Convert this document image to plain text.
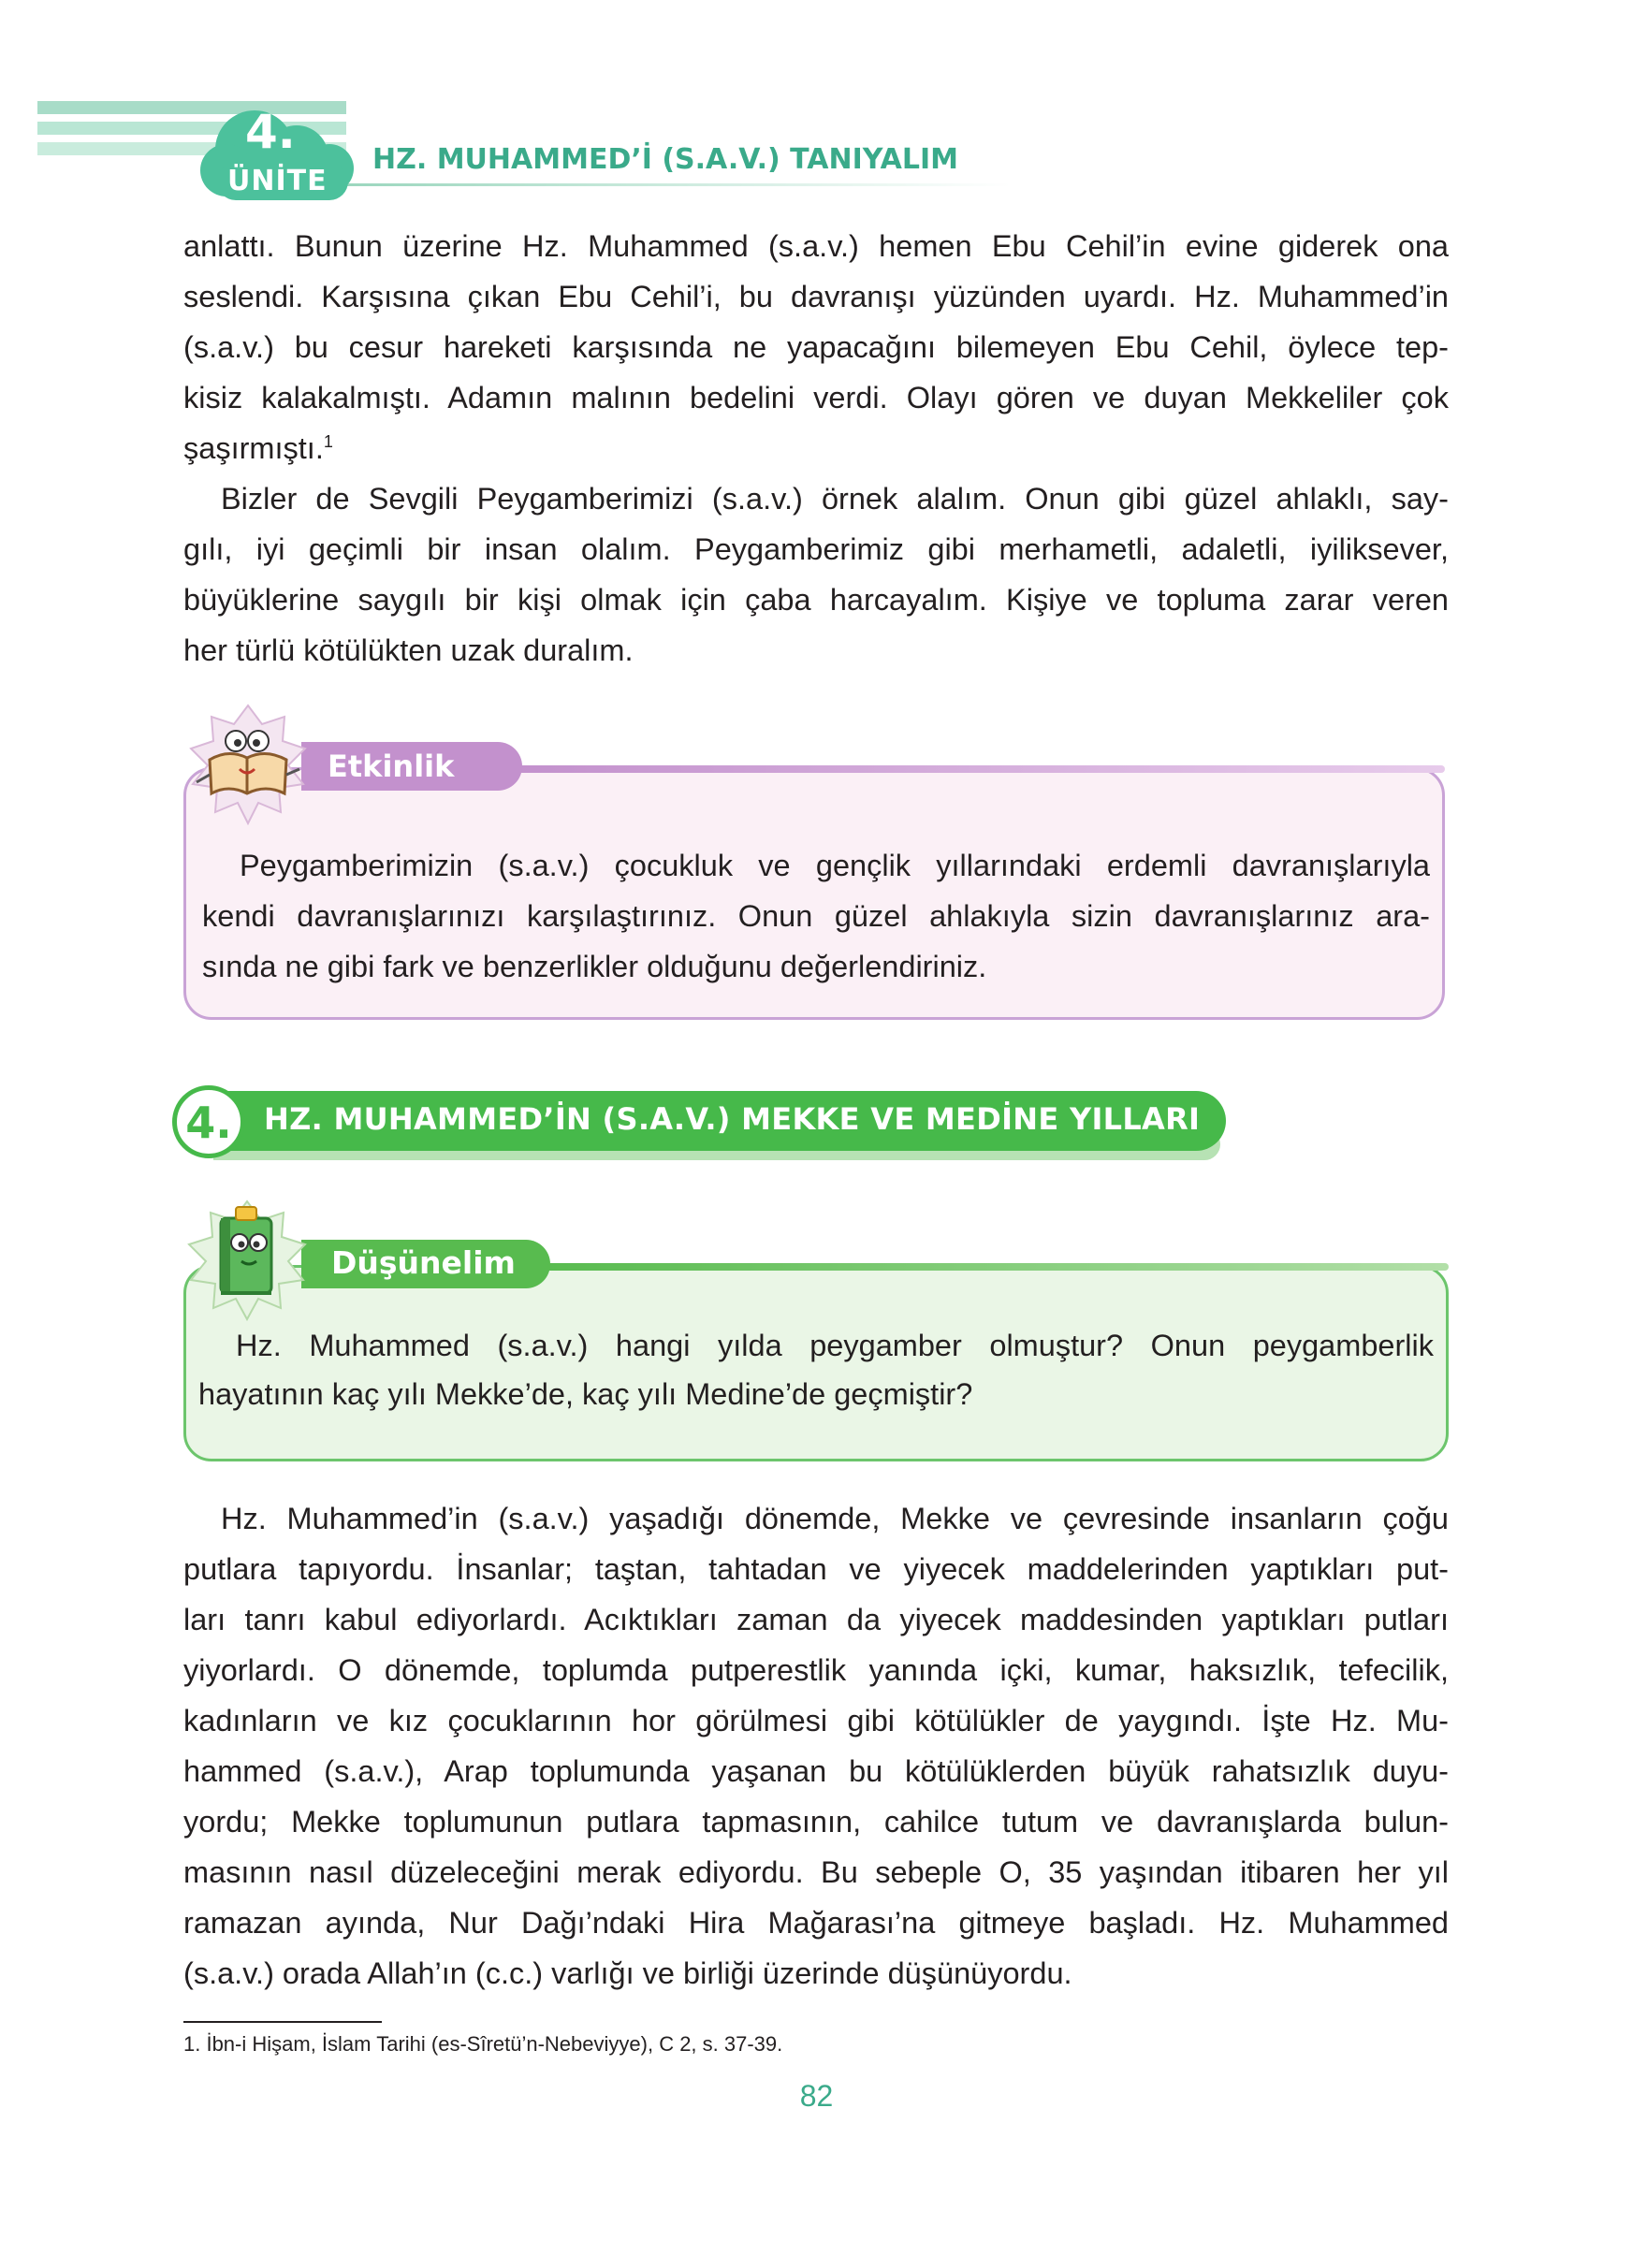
4.
ÜNİTE
HZ. MUHAMMED’İ (S.A.V.) TANIYALIM
anlattı. Bunun üzerine Hz. Muhammed (s.a.v.) hemen Ebu Cehil’in evine giderek ona
seslendi. Karşısına çıkan Ebu Cehil’i, bu davranışı yüzünden uyardı. Hz. Muhammed’in
(s.a.v.) bu cesur hareketi karşısında ne yapacağını bilemeyen Ebu Cehil, öylece tep-
kisiz kalakalmıştı. Adamın malının bedelini verdi. Olayı gören ve duyan Mekkeliler çok
şaşırmıştı.$^1$
Bizler de Sevgili Peygamberimizi (s.a.v.) örnek alalım. Onun gibi güzel ahlaklı, say-
gılı, iyi geçimli bir insan olalım. Peygamberimiz gibi merhametli, adaletli, iyiliksever,
büyüklerine saygılı bir kişi olmak için çaba harcayalım. Kişiye ve topluma zarar veren
her türlü kötülükten uzak duralım.
Etkinlik
Peygamberimizin (s.a.v.) çocukluk ve gençlik yıllarındaki erdemli davranışlarıyla
kendi davranışlarınızı karşılaştırınız. Onun güzel ahlakıyla sizin davranışlarınız ara-
sında ne gibi fark ve benzerlikler olduğunu değerlendiriniz.
4.	HZ. MUHAMMED’İN (S.A.V.) MEKKE VE MEDİNE YILLARI
Düşünelim
Hz. Muhammed (s.a.v.) hangi yılda peygamber olmuştur? Onun peygamberlik
hayatının kaç yılı Mekke’de, kaç yılı Medine’de geçmiştir?
Hz. Muhammed’in (s.a.v.) yaşadığı dönemde, Mekke ve çevresinde insanların çoğu
putlara tapıyordu. İnsanlar; taştan, tahtadan ve yiyecek maddelerinden yaptıkları put-
ları tanrı kabul ediyorlardı. Acıktıkları zaman da yiyecek maddesinden yaptıkları putları
yiyorlardı. O dönemde, toplumda putperestlik yanında içki, kumar, haksızlık, tefecilik,
kadınların ve kız çocuklarının hor görülmesi gibi kötülükler de yaygındı. İşte Hz. Mu-
hammed (s.a.v.), Arap toplumunda yaşanan bu kötülüklerden büyük rahatsızlık duyu-
yordu; Mekke toplumunun putlara tapmasının, cahilce tutum ve davranışlarda bulun-
masının nasıl düzeleceğini merak ediyordu. Bu sebeple O, 35 yaşından itibaren her yıl
ramazan ayında, Nur Dağı’ndaki Hira Mağarası’na gitmeye başladı. Hz. Muhammed
(s.a.v.) orada Allah’ın (c.c.) varlığı ve birliği üzerinde düşünüyordu.
1. İbn-i Hişam, İslam Tarihi (es-Sîretü’n-Nebeviyye), C 2, s. 37-39.
82
